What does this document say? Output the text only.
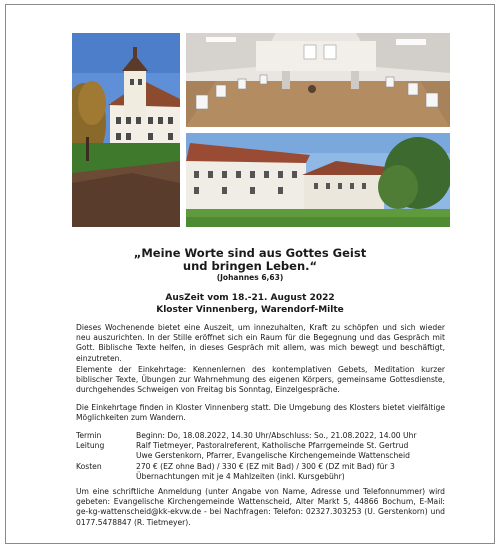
„Meine Worte sind aus Gottes Geist
und bringen Leben.“
(Johannes 6,63)
AusZeit vom 18.-21. August 2022
Kloster Vinnenberg, Warendorf-Milte
Dieses Wochenende bietet eine Auszeit, um innezuhalten, Kraft zu schöpfen und sich wieder neu auszurichten. In der Stille eröffnet sich ein Raum für die Begegnung und das Gespräch mit Gott. Biblische Texte helfen, in dieses Gespräch mit allem, was mich bewegt und beschäftigt, einzutreten.
Elemente der Einkehrtage: Kennenlernen des kontemplativen Gebets, Meditation kurzer biblischer Texte, Übungen zur Wahrnehmung des eigenen Körpers, gemeinsame Gottesdienste, durchgehendes Schweigen von Freitag bis Sonntag, Einzelgespräche.
Die Einkehrtage finden in Kloster Vinnenberg statt. Die Umgebung des Klosters bietet vielfältige Möglichkeiten zum Wandern.
Termin	Beginn: Do, 18.08.2022, 14.30 Uhr/Abschluss: So., 21.08.2022, 14.00 Uhr
Leitung	Ralf Tietmeyer, Pastoralreferent, Katholische Pfarrgemeinde St. Gertrud
Uwe Gerstenkorn, Pfarrer, Evangelische Kirchengemeinde Wattenscheid
Kosten	270 € (EZ ohne Bad) / 330 € (EZ mit Bad) / 300 € (DZ mit Bad) für 3 Übernachtungen mit je 4 Mahlzeiten (inkl. Kursgebühr)
Um eine schriftliche Anmeldung (unter Angabe von Name, Adresse und Telefonnummer) wird gebeten: Evangelische Kirchengemeinde Wattenscheid, Alter Markt 5, 44866 Bochum, E-Mail: ge-kg-wattenscheid@kk-ekvw.de - bei Nachfragen: Telefon: 02327.303253 (U. Gerstenkorn) und 0177.5478847 (R. Tietmeyer).
